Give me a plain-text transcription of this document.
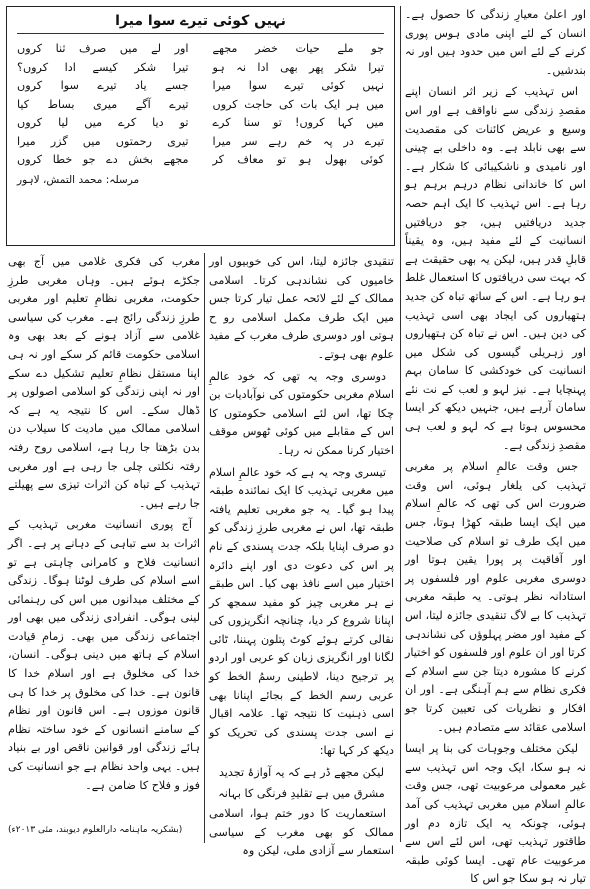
نہیں کوئی تیرے سوا میرا
جو ملے حیات خضر مجھے
اور لے میں صرف ثنا کروں
تیرا شکر پھر بھی ادا نہ ہو
تیرا شکر کیسے ادا کروں؟
نہیں کوئی تیرے سوا میرا
جسے یاد تیرے سوا کروں
میں ہر ایک بات کی حاجت کروں
تیرے آگے میری بساط کیا
میں کہا کروں! تو سنا کرے
تو دیا کرے میں لیا کروں
تیرے در پہ خم رہے سر میرا
تیری رحمتوں میں گزر میرا
کوئی بھول ہو تو معاف کر
مجھے بخش دے جو خطا کروں
مرسلہ: محمد التمش، لاہور

اور اعلیٰ معیارِ زندگی کا حصول ہے۔ انسان کے لئے اپنی مادی ہوس پوری کرنے کے لئے اس میں حدود ہیں اور نہ بندشیں۔

اس تہذیب کے زیر اثر انسان اپنے مقصدِ زندگی سے ناواقف ہے اور اس وسیع و عریض کائنات کی مقصدیت سے بھی نابلد ہے۔ وہ داخلی بے چینی اور نامیدی و ناشکیبائی کا شکار ہے۔ اس کا خاندانی نظام درہم برہم ہو رہا ہے۔ اس تہذیب کا ایک اہم حصہ جدید دریافتیں ہیں، جو دریافتیں انسانیت کے لئے مفید ہیں، وہ یقیناً قابلِ قدر ہیں، لیکن یہ بھی حقیقت ہے کہ بہت سی دریافتوں کا استعمال غلط ہو رہا ہے۔ اس کے ساتھ تباہ کن جدید ہتھیاروں کی ایجاد بھی اسی تہذیب کی دین ہیں۔ اس نے تباہ کن ہتھیاروں اور زہریلی گیسوں کی شکل میں انسانیت کی خودکشی کا سامان بہم پہنچایا ہے۔ نیز لہو و لعب کے نت نئے سامان آرہے ہیں، جنہیں دیکھ کر ایسا محسوس ہوتا ہے کہ لہو و لعب ہی مقصدِ زندگی ہے۔

جس وقت عالمِ اسلام پر مغربی تہذیب کی یلغار ہوئی، اس وقت ضرورت اس کی تھی کہ عالمِ اسلام میں ایک ایسا طبقہ کھڑا ہوتا، جس میں ایک طرف تو اسلام کی صلاحیت اور آفاقیت پر پورا یقین ہوتا اور دوسری مغربی علوم اور فلسفوں پر استادانہ نظر ہوتی۔ یہ طبقہ مغربی تہذیب کا بے لاگ تنقیدی جائزہ لیتا، اس کے مفید اور مضر پہلوؤں کی نشاندہی کرتا اور ان علوم اور فلسفوں کو اختیار کرنے کا مشورہ دیتا جن سے اسلام کے فکری نظام سے ہم آہنگی ہے۔ اور ان افکار و نظریات کی تعیین کرتا جو اسلامی عقائد سے متصادم ہیں۔

لیکن مختلف وجوہات کی بنا پر ایسا نہ ہو سکا، ایک وجہ اس تہذیب سے غیر معمولی مرعوبیت تھی، جس وقت عالمِ اسلام میں مغربی تہذیب کی آمد ہوئی، چونکہ یہ ایک تازہ دم اور طاقتور تہذیب تھی، اس لئے اس سے مرعوبیت عام تھی۔ ایسا کوئی طبقہ تیار نہ ہو سکا جو اس کا

تنقیدی جائزہ لیتا، اس کی خوبیوں اور خامیوں کی نشاندہی کرتا۔ اسلامی ممالک کے لئے لائحہ عمل تیار کرتا جس میں ایک طرف مکمل اسلامی رو ح ہوتی اور دوسری طرف مغرب کے مفید علوم بھی ہوتے۔

دوسری وجہ یہ تھی کہ خود عالمِ اسلام مغربی حکومتوں کی نوآبادیات بن چکا تھا، اس لئے اسلامی حکومتوں کا اس کے مقابلے میں کوئی ٹھوس موقف اختیار کرنا ممکن نہ رہا۔

تیسری وجہ یہ ہے کہ خود عالمِ اسلام میں مغربی تہذیب کا ایک نمائندہ طبقہ پیدا ہو گیا۔ یہ جو مغربی تعلیم یافتہ طبقہ تھا، اس نے مغربی طرزِ زندگی کو دو صرف اپنایا بلکہ جدت پسندی کے نام پر اس کی دعوت دی اور اپنے دائرہ اختیار میں اسے نافذ بھی کیا۔ اس طبقے نے ہر مغربی چیز کو مفید سمجھ کر اپنانا شروع کر دیا، چنانچہ انگریزوں کی نقالی کرتے ہوئے کوٹ پتلون پہننا، ٹائی لگانا اور انگریزی زبان کو عربی اور اردو پر ترجیح دینا، لاطینی رسمُ الخط کو عربی رسم الخط کے بجائے اپنانا بھی اسی ذہنیت کا نتیجہ تھا۔ علامہ اقبال نے اسی جدت پسندی کی تحریک کو دیکھ کر کہا تھا:

لیکن مجھے ڈر ہے کہ یہ آوازۂ تجدید

مشرق میں ہے تقلیدِ فرنگی کا بہانہ

استعماریت کا دور ختم ہوا، اسلامی ممالک کو بھی مغرب کے سیاسی استعمار سے آزادی ملی، لیکن وہ

مغرب کی فکری غلامی میں آج بھی جکڑے ہوئے ہیں۔ وہاں مغربی طرزِ حکومت، مغربی نظامِ تعلیم اور مغربی طرزِ زندگی رائج ہے۔ مغرب کی سیاسی غلامی سے آزاد ہونے کے بعد بھی وہ اسلامی حکومت قائم کر سکے اور نہ ہی اپنا مستقل نظامِ تعلیم تشکیل دے سکے اور نہ اپنی زندگی کو اسلامی اصولوں پر ڈھال سکے۔ اس کا نتیجہ یہ ہے کہ اسلامی ممالک میں مادیت کا سیلاب دن بدن بڑھتا جا رہا ہے، اسلامی روح رفتہ رفتہ نکلتی چلی جا رہی ہے اور مغربی تہذیب کے تباہ کن اثرات تیزی سے پھیلتے جا رہے ہیں۔

آج پوری انسانیت مغربی تہذیب کے اثرات بد سے تباہی کے دہانے پر ہے۔ اگر انسانیت فلاح و کامرانی چاہتی ہے تو اسے اسلام کی طرف لوٹنا ہوگا۔ زندگی کے مختلف میدانوں میں اس کی رہنمائی لینی ہوگی۔ انفرادی زندگی میں بھی اور اجتماعی زندگی میں بھی۔ زمامِ قیادت اسلام کے ہاتھ میں دینی ہوگی۔ انسان، خدا کی مخلوق ہے اور اسلام خدا کا قانون ہے۔ خدا کی مخلوق پر خدا کا ہی قانون موزوں ہے۔ اس قانون اور نظام کے سامنے انسانوں کے خود ساختہ نظام ہائے زندگی اور قوانین ناقص اور بے بنیاد ہیں۔ یہی واحد نظام ہے جو انسانیت کی فوز و فلاح کا ضامن ہے۔

(بشکریہ ماہنامہ دارالعلوم دیوبند، مئی ۲۰۱۳ء)
